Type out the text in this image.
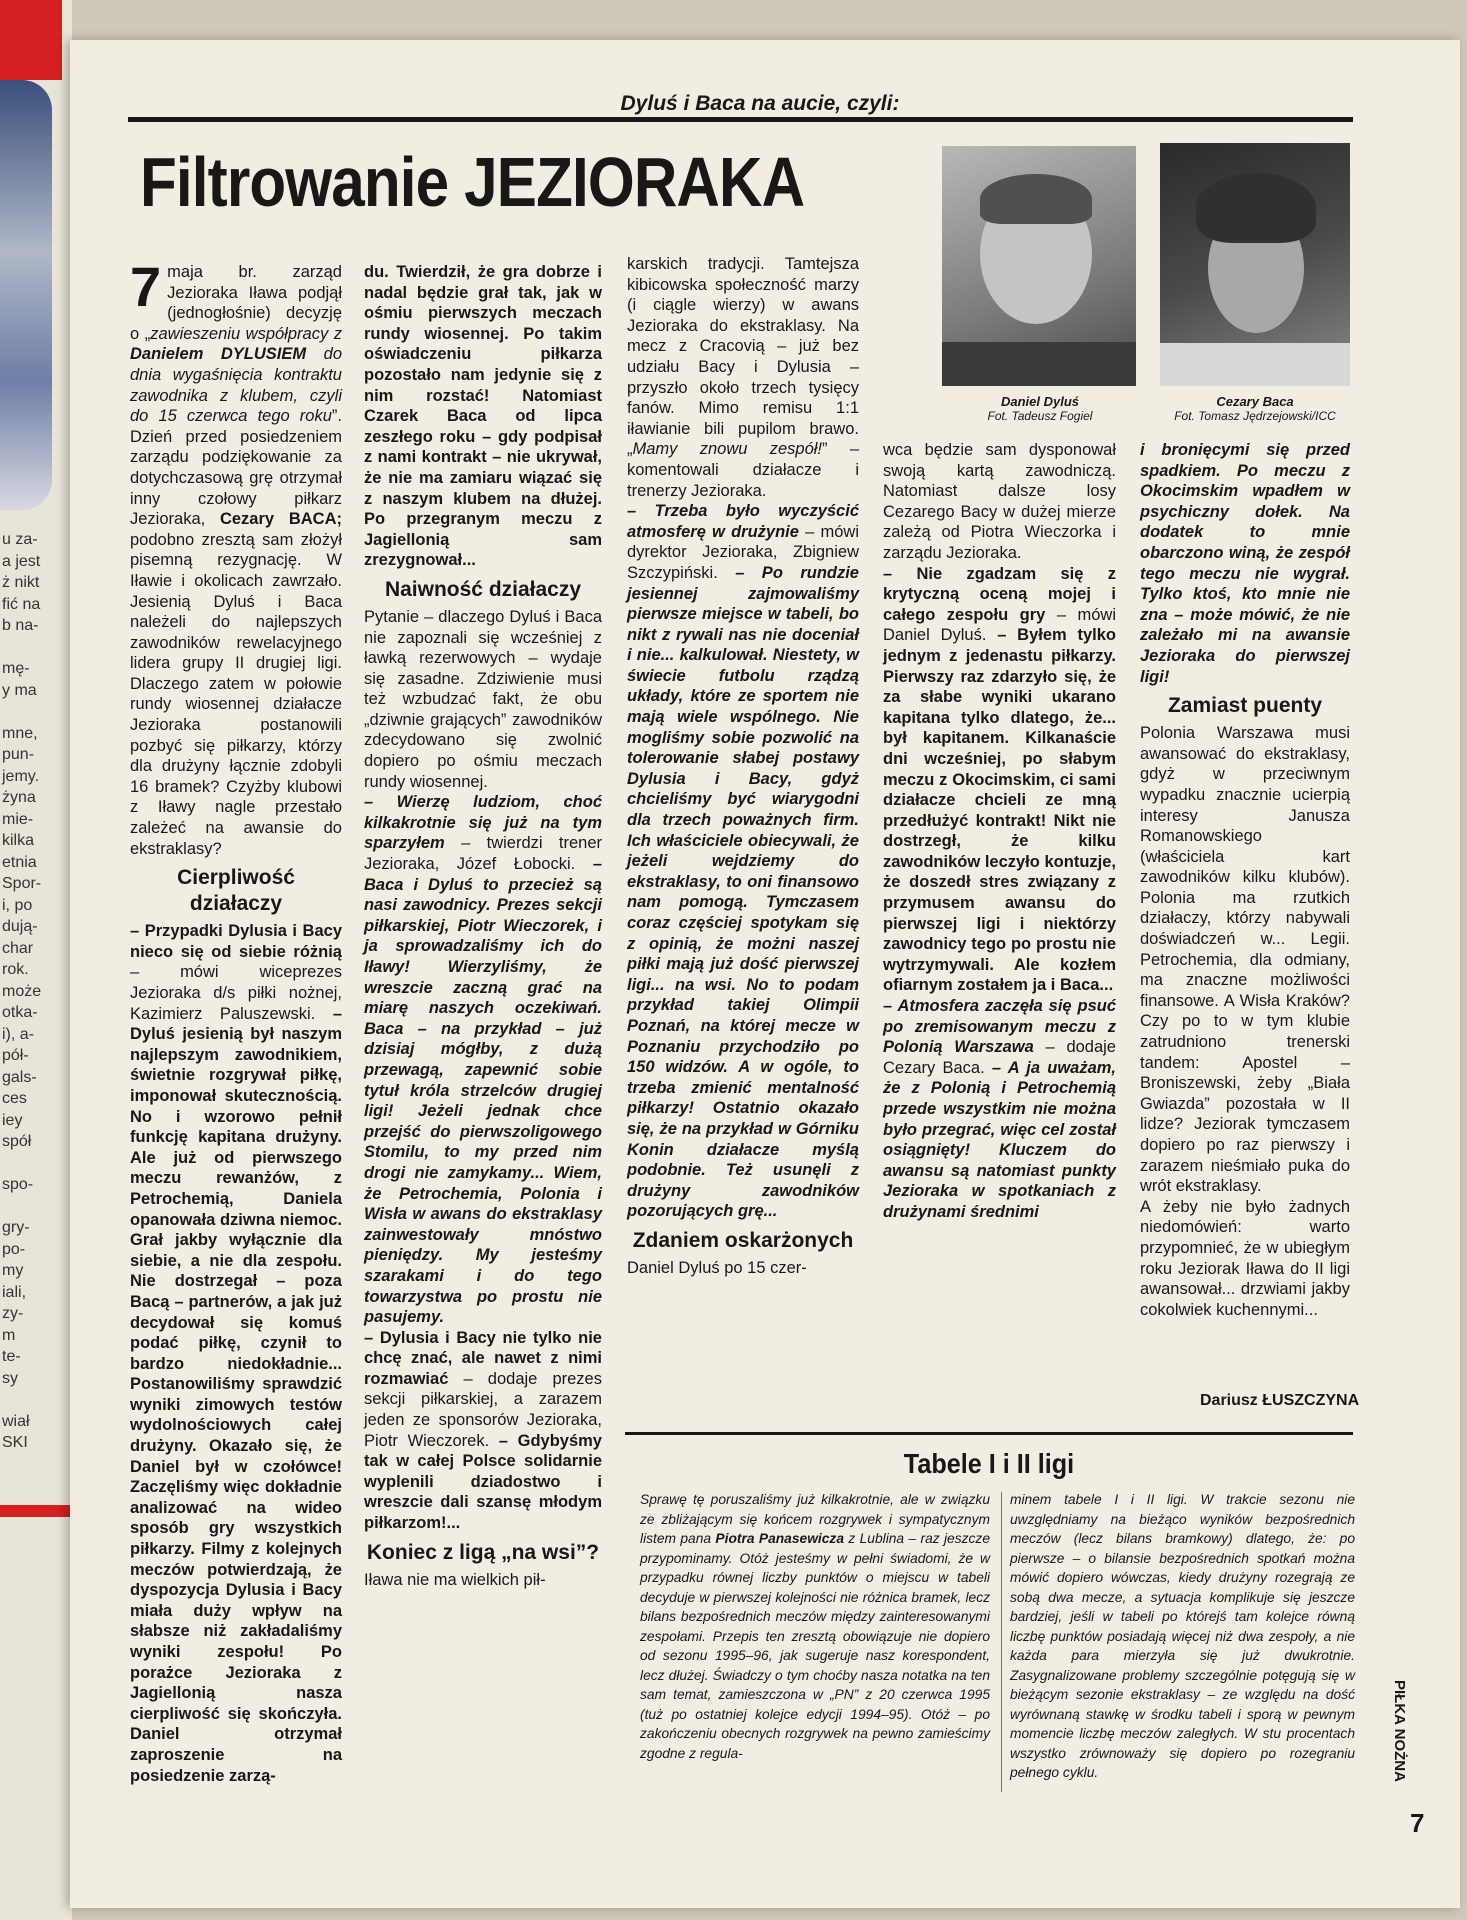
u za-
a jest
ż nikt
fić na
b na-
mę-
y ma
mne,
pun-
jemy.
żyna
mie-
kilka
etnia
Spor-
i, po
dują-
char
rok.
może
otka-
i), a-
pół-
gals-
ces
iey
spół
spo-
gry-
po-
my
iali,
zy-
m
te-
sy
wiał
SKI
Dyluś i Baca na aucie, czyli:
Filtrowanie JEZIORAKA

7 maja br. zarząd Jezioraka Iława podjął (jednogłośnie) decyzję o „zawieszeniu współpracy z Danielem DYLUSIEM do dnia wygaśnięcia kontraktu zawodnika z klubem, czyli do 15 czerwca tego roku”. Dzień przed posiedzeniem zarządu podziękowanie za dotychczasową grę otrzymał inny czołowy piłkarz Jezioraka, Cezary BACA; podobno zresztą sam złożył pisemną rezygnację. W Iławie i okolicach zawrzało. Jesienią Dyluś i Baca należeli do najlepszych zawodników rewelacyjnego lidera grupy II drugiej ligi. Dlaczego zatem w połowie rundy wiosennej działacze Jezioraka postanowili pozbyć się piłkarzy, którzy dla drużyny łącznie zdobyli 16 bramek? Czyżby klubowi z Iławy nagle przestało zależeć na awansie do ekstraklasy?

Cierpliwość działaczy

– Przypadki Dylusia i Bacy nieco się od siebie różnią – mówi wiceprezes Jezioraka d/s piłki nożnej, Kazimierz Paluszewski. – Dyluś jesienią był naszym najlepszym zawodnikiem, świetnie rozgrywał piłkę, imponował skutecznością. No i wzorowo pełnił funkcję kapitana drużyny. Ale już od pierwszego meczu rewanżów, z Petrochemią, Daniela opanowała dziwna niemoc. Grał jakby wyłącznie dla siebie, a nie dla zespołu. Nie dostrzegał – poza Bacą – partnerów, a jak już decydował się komuś podać piłkę, czynił to bardzo niedokładnie... Postanowiliśmy sprawdzić wyniki zimowych testów wydolnościowych całej drużyny. Okazało się, że Daniel był w czołówce! Zaczęliśmy więc dokładnie analizować na wideo sposób gry wszystkich piłkarzy. Filmy z kolejnych meczów potwierdzają, że dyspozycja Dylusia i Bacy miała duży wpływ na słabsze niż zakładaliśmy wyniki zespołu! Po porażce Jezioraka z Jagiellonią nasza cierpliwość się skończyła. Daniel otrzymał zaproszenie na posiedzenie zarzą-

du. Twierdził, że gra dobrze i nadal będzie grał tak, jak w ośmiu pierwszych meczach rundy wiosennej. Po takim oświadczeniu piłkarza pozostało nam jedynie się z nim rozstać! Natomiast Czarek Baca od lipca zeszłego roku – gdy podpisał z nami kontrakt – nie ukrywał, że nie ma zamiaru wiązać się z naszym klubem na dłużej. Po przegranym meczu z Jagiellonią sam zrezygnował...

Naiwność działaczy

Pytanie – dlaczego Dyluś i Baca nie zapoznali się wcześniej z ławką rezerwowych – wydaje się zasadne. Zdziwienie musi też wzbudzać fakt, że obu „dziwnie grających” zawodników zdecydowano się zwolnić dopiero po ośmiu meczach rundy wiosennej.

– Wierzę ludziom, choć kilkakrotnie się już na tym sparzyłem – twierdzi trener Jezioraka, Józef Łobocki. – Baca i Dyluś to przecież są nasi zawodnicy. Prezes sekcji piłkarskiej, Piotr Wieczorek, i ja sprowadzaliśmy ich do Iławy! Wierzyliśmy, że wreszcie zaczną grać na miarę naszych oczekiwań. Baca – na przykład – już dzisiaj mógłby, z dużą przewagą, zapewnić sobie tytuł króla strzelców drugiej ligi! Jeżeli jednak chce przejść do pierwszoligowego Stomilu, to my przed nim drogi nie zamykamy... Wiem, że Petrochemia, Polonia i Wisła w awans do ekstraklasy zainwestowały mnóstwo pieniędzy. My jesteśmy szarakami i do tego towarzystwa po prostu nie pasujemy.

– Dylusia i Bacy nie tylko nie chcę znać, ale nawet z nimi rozmawiać – dodaje prezes sekcji piłkarskiej, a zarazem jeden ze sponsorów Jezioraka, Piotr Wieczorek. – Gdybyśmy tak w całej Polsce solidarnie wyplenili dziadostwo i wreszcie dali szansę młodym piłkarzom!...

Koniec z ligą „na wsi”?

Iława nie ma wielkich pił-

karskich tradycji. Tamtejsza kibicowska społeczność marzy (i ciągle wierzy) w awans Jezioraka do ekstraklasy. Na mecz z Cracovią – już bez udziału Bacy i Dylusia – przyszło około trzech tysięcy fanów. Mimo remisu 1:1 iławianie bili pupilom brawo. „Mamy znowu zespół!” – komentowali działacze i trenerzy Jezioraka.

– Trzeba było wyczyścić atmosferę w drużynie – mówi dyrektor Jezioraka, Zbigniew Szczypiński. – Po rundzie jesiennej zajmowaliśmy pierwsze miejsce w tabeli, bo nikt z rywali nas nie doceniał i nie... kalkulował. Niestety, w świecie futbolu rządzą układy, które ze sportem nie mają wiele wspólnego. Nie mogliśmy sobie pozwolić na tolerowanie słabej postawy Dylusia i Bacy, gdyż chcieliśmy być wiarygodni dla trzech poważnych firm. Ich właściciele obiecywali, że jeżeli wejdziemy do ekstraklasy, to oni finansowo nam pomogą. Tymczasem coraz częściej spotykam się z opinią, że możni naszej piłki mają już dość pierwszej ligi... na wsi. No to podam przykład takiej Olimpii Poznań, na której mecze w Poznaniu przychodziło po 150 widzów. A w ogóle, to trzeba zmienić mentalność piłkarzy! Ostatnio okazało się, że na przykład w Górniku Konin działacze myślą podobnie. Też usunęli z drużyny zawodników pozorujących grę...

Zdaniem oskarżonych

Daniel Dyluś po 15 czer-

Daniel Dyluś
Fot. Tadeusz Fogiel
Cezary Baca
Fot. Tomasz Jędrzejowski/ICC

wca będzie sam dysponował swoją kartą zawodniczą. Natomiast dalsze losy Cezarego Bacy w dużej mierze zależą od Piotra Wieczorka i zarządu Jezioraka.

– Nie zgadzam się z krytyczną oceną mojej i całego zespołu gry – mówi Daniel Dyluś. – Byłem tylko jednym z jedenastu piłkarzy. Pierwszy raz zdarzyło się, że za słabe wyniki ukarano kapitana tylko dlatego, że... był kapitanem. Kilkanaście dni wcześniej, po słabym meczu z Okocimskim, ci sami działacze chcieli ze mną przedłużyć kontrakt! Nikt nie dostrzegł, że kilku zawodników leczyło kontuzje, że doszedł stres związany z przymusem awansu do pierwszej ligi i niektórzy zawodnicy tego po prostu nie wytrzymywali. Ale kozłem ofiarnym zostałem ja i Baca...

– Atmosfera zaczęła się psuć po zremisowanym meczu z Polonią Warszawa – dodaje Cezary Baca. – A ja uważam, że z Polonią i Petrochemią przede wszystkim nie można było przegrać, więc cel został osiągnięty! Kluczem do awansu są natomiast punkty Jezioraka w spotkaniach z drużynami średnimi

i bronięcymi się przed spadkiem. Po meczu z Okocimskim wpadłem w psychiczny dołek. Na dodatek to mnie obarczono winą, że zespół tego meczu nie wygrał. Tylko ktoś, kto mnie nie zna – może mówić, że nie zależało mi na awansie Jezioraka do pierwszej ligi!

Zamiast puenty

Polonia Warszawa musi awansować do ekstraklasy, gdyż w przeciwnym wypadku znacznie ucierpią interesy Janusza Romanowskiego (właściciela kart zawodników kilku klubów). Polonia ma rzutkich działaczy, którzy nabywali doświadczeń w... Legii. Petrochemia, dla odmiany, ma znaczne możliwości finansowe. A Wisła Kraków? Czy po to w tym klubie zatrudniono trenerski tandem: Apostel – Broniszewski, żeby „Biała Gwiazda” pozostała w II lidze? Jeziorak tymczasem dopiero po raz pierwszy i zarazem nieśmiało puka do wrót ekstraklasy.

A żeby nie było żadnych niedomówień: warto przypomnieć, że w ubiegłym roku Jeziorak Iława do II ligi awansował... drzwiami jakby cokolwiek kuchennymi...

Dariusz ŁUSZCZYNA
Tabele I i II ligi
Sprawę tę poruszaliśmy już kilkakrotnie, ale w związku ze zbliżającym się końcem rozgrywek i sympatycznym listem pana Piotra Panasewicza z Lublina – raz jeszcze przypominamy. Otóż jesteśmy w pełni świadomi, że w przypadku równej liczby punktów o miejscu w tabeli decyduje w pierwszej kolejności nie różnica bramek, lecz bilans bezpośrednich meczów między zainteresowanymi zespołami. Przepis ten zresztą obowiązuje nie dopiero od sezonu 1995–96, jak sugeruje nasz korespondent, lecz dłużej. Świadczy o tym choćby nasza notatka na ten sam temat, zamieszczona w „PN” z 20 czerwca 1995 (tuż po ostatniej kolejce edycji 1994–95). Otóż – po zakończeniu obecnych rozgrywek na pewno zamieścimy zgodne z regula-
minem tabele I i II ligi. W trakcie sezonu nie uwzględniamy na bieżąco wyników bezpośrednich meczów (lecz bilans bramkowy) dlatego, że: po pierwsze – o bilansie bezpośrednich spotkań można mówić dopiero wówczas, kiedy drużyny rozegrają ze sobą dwa mecze, a sytuacja komplikuje się jeszcze bardziej, jeśli w tabeli po którejś tam kolejce równą liczbę punktów posiadają więcej niż dwa zespoły, a nie każda para mierzyła się już dwukrotnie. Zasygnalizowane problemy szczególnie potęgują się w bieżącym sezonie ekstraklasy – ze względu na dość wyrównaną stawkę w środku tabeli i sporą w pewnym momencie liczbę meczów zaległych. W stu procentach wszystko zrównoważy się dopiero po rozegraniu pełnego cyklu.	PIŁKA NOŻNA
7
